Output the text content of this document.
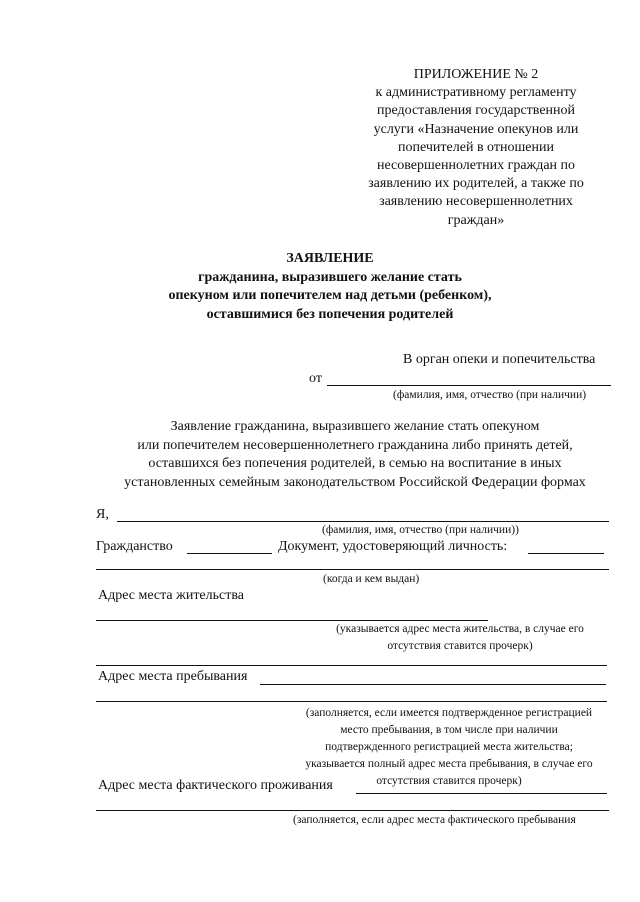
ПРИЛОЖЕНИЕ № 2
к административному регламенту
предоставления государственной
услуги «Назначение опекунов или
попечителей в отношении
несовершеннолетних граждан по
заявлению их родителей, а также по
заявлению несовершеннолетних
граждан»
ЗАЯВЛЕНИЕ
гражданина, выразившего желание стать
опекуном или попечителем над детьми (ребенком),
оставшимися без попечения родителей
В орган опеки и попечительства
от
(фамилия, имя, отчество (при наличии)
Заявление гражданина, выразившего желание стать опекуном
или попечителем несовершеннолетнего гражданина либо принять детей,
оставшихся без попечения родителей, в семью на воспитание в иных
установленных семейным законодательством Российской Федерации формах
Я,
(фамилия, имя, отчество (при наличии))
Гражданство	Документ, удостоверяющий личность:
(когда и кем выдан)
Адрес места жительства
(указывается адрес места жительства, в случае его
отсутствия ставится прочерк)
Адрес места пребывания
(заполняется, если имеется подтвержденное регистрацией
место пребывания, в том числе при наличии
подтвержденного регистрацией места жительства;
указывается полный адрес места пребывания, в случае его
отсутствия ставится прочерк)
Адрес места фактического проживания
(заполняется, если адрес места фактического пребывания
